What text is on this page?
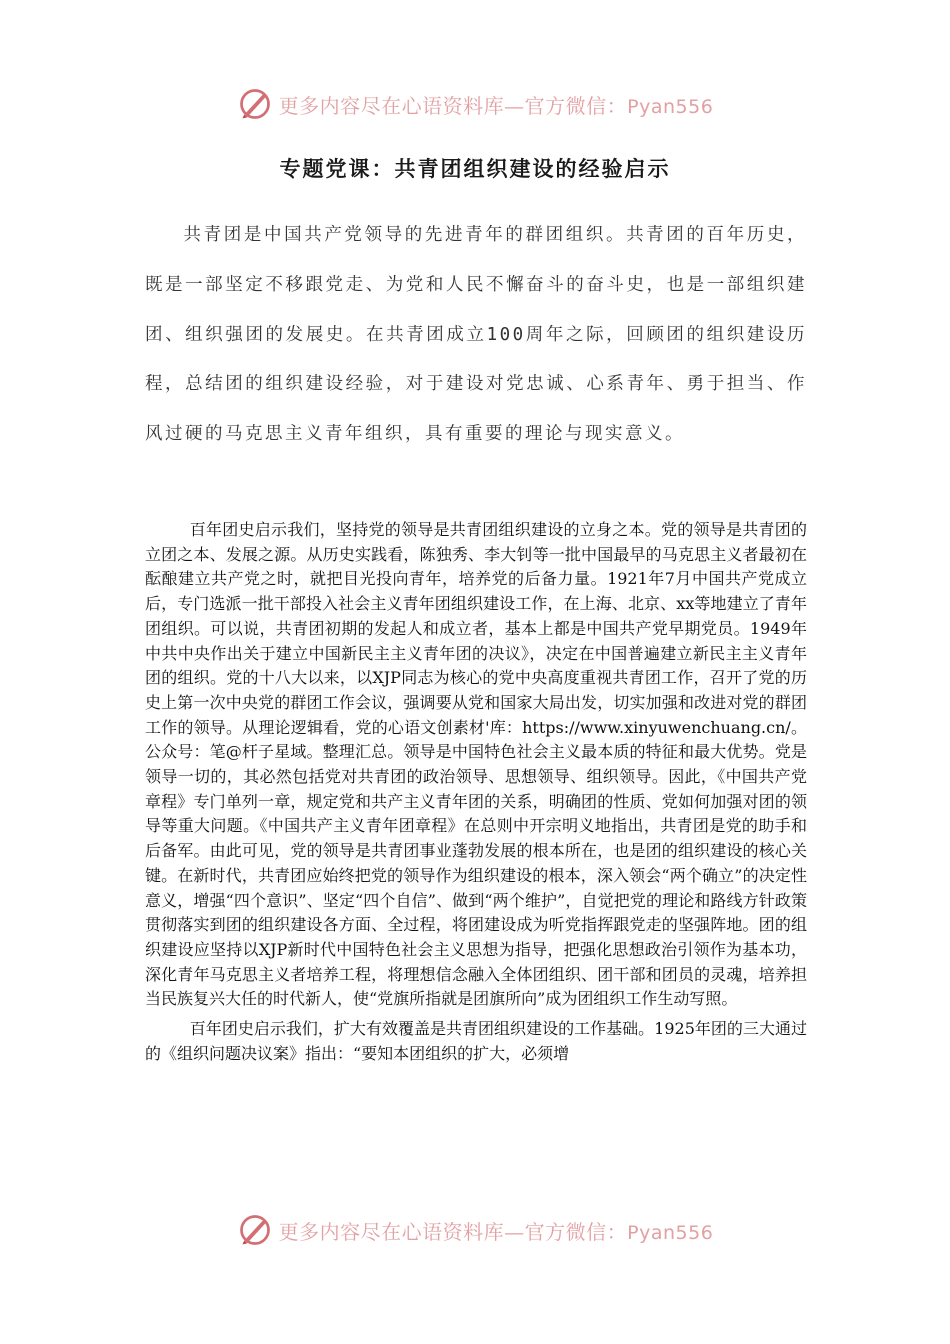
更多内容尽在心语资料库—官方微信：Pyan556
专题党课：共青团组织建设的经验启示

共青团是中国共产党领导的先进青年的群团组织。共青团的百年历史，既是一部坚定不移跟党走、为党和人民不懈奋斗的奋斗史，也是一部组织建团、组织强团的发展史。在共青团成立100周年之际，回顾团的组织建设历程，总结团的组织建设经验，对于建设对党忠诚、心系青年、勇于担当、作风过硬的马克思主义青年组织，具有重要的理论与现实意义。

百年团史启示我们，坚持党的领导是共青团组织建设的立身之本。党的领导是共青团的立团之本、发展之源。从历史实践看，陈独秀、李大钊等一批中国最早的马克思主义者最初在酝酿建立共产党之时，就把目光投向青年，培养党的后备力量。1921年7月中国共产党成立后，专门选派一批干部投入社会主义青年团组织建设工作，在上海、北京、xx等地建立了青年团组织。可以说，共青团初期的发起人和成立者，基本上都是中国共产党早期党员。1949年中共中央作出关于建立中国新民主主义青年团的决议》，决定在中国普遍建立新民主主义青年团的组织。党的十八大以来，以XJP同志为核心的党中央高度重视共青团工作，召开了党的历史上第一次中央党的群团工作会议，强调要从党和国家大局出发，切实加强和改进对党的群团工作的领导。从理论逻辑看，党的心语文创素材'库：https://www.xinyuwenchuang.cn/。公众号：笔@杆子星域。整理汇总。领导是中国特色社会主义最本质的特征和最大优势。党是领导一切的，其必然包括党对共青团的政治领导、思想领导、组织领导。因此，《中国共产党章程》专门单列一章，规定党和共产主义青年团的关系，明确团的性质、党如何加强对团的领导等重大问题。《中国共产主义青年团章程》在总则中开宗明义地指出，共青团是党的助手和后备军。由此可见，党的领导是共青团事业蓬勃发展的根本所在，也是团的组织建设的核心关键。在新时代，共青团应始终把党的领导作为组织建设的根本，深入领会“两个确立”的决定性意义，增强“四个意识”、坚定“四个自信”、做到“两个维护”，自觉把党的理论和路线方针政策贯彻落实到团的组织建设各方面、全过程，将团建设成为听党指挥跟党走的坚强阵地。团的组织建设应坚持以XJP新时代中国特色社会主义思想为指导，把强化思想政治引领作为基本功，深化青年马克思主义者培养工程，将理想信念融入全体团组织、团干部和团员的灵魂，培养担当民族复兴大任的时代新人，使“党旗所指就是团旗所向”成为团组织工作生动写照。

百年团史启示我们，扩大有效覆盖是共青团组织建设的工作基础。1925年团的三大通过的《组织问题决议案》指出：“要知本团组织的扩大，必须增

更多内容尽在心语资料库—官方微信：Pyan556
